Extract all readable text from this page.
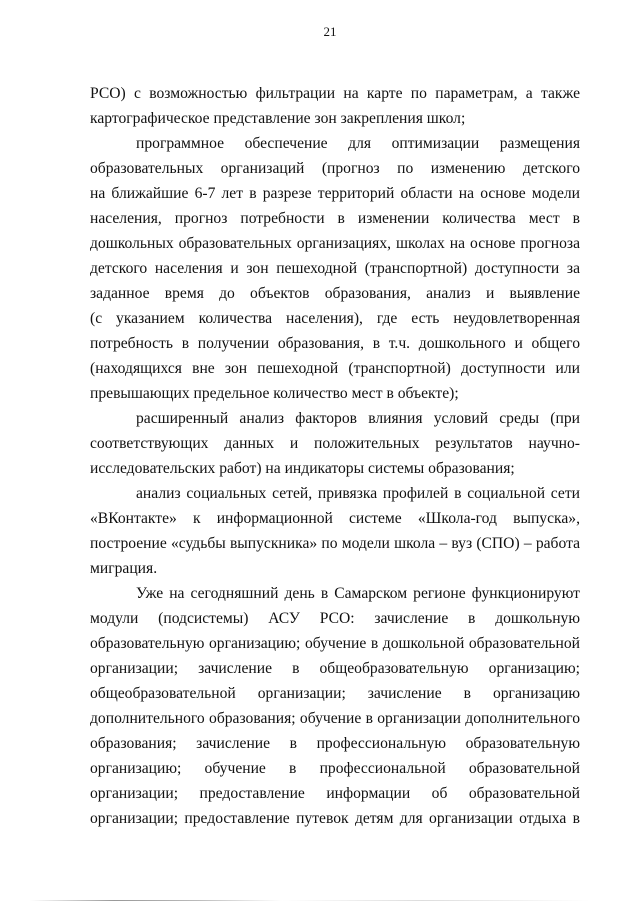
21
РСО) с возможностью фильтрации на карте по параметрам, а также
картографическое представление зон закрепления школ;
программное обеспечение для оптимизации размещения
образовательных организаций (прогноз по изменению детского
на ближайшие 6-7 лет в разрезе территорий области на основе модели
населения, прогноз потребности в изменении количества мест в
дошкольных образовательных организациях, школах на основе прогноза
детского населения и зон пешеходной (транспортной) доступности за
заданное время до объектов образования, анализ и выявление
(с указанием количества населения), где есть неудовлетворенная
потребность в получении образования, в т.ч. дошкольного и общего
(находящихся вне зон пешеходной (транспортной) доступности или
превышающих предельное количество мест в объекте);
расширенный анализ факторов влияния условий среды (при
соответствующих данных и положительных результатов научно-
исследовательских работ) на индикаторы системы образования;
анализ социальных сетей, привязка профилей в социальной сети
«ВКонтакте» к информационной системе «Школа-год выпуска»,
построение «судьбы выпускника» по модели школа – вуз (СПО) – работа
миграция.
Уже на сегодняшний день в Самарском регионе функционируют
модули (подсистемы) АСУ РСО: зачисление в дошкольную
образовательную организацию; обучение в дошкольной образовательной
организации; зачисление в общеобразовательную организацию;
общеобразовательной организации; зачисление в организацию
дополнительного образования; обучение в организации дополнительного
образования; зачисление в профессиональную образовательную
организацию; обучение в профессиональной образовательной
организации; предоставление информации об образовательной
организации; предоставление путевок детям для организации отдыха в
